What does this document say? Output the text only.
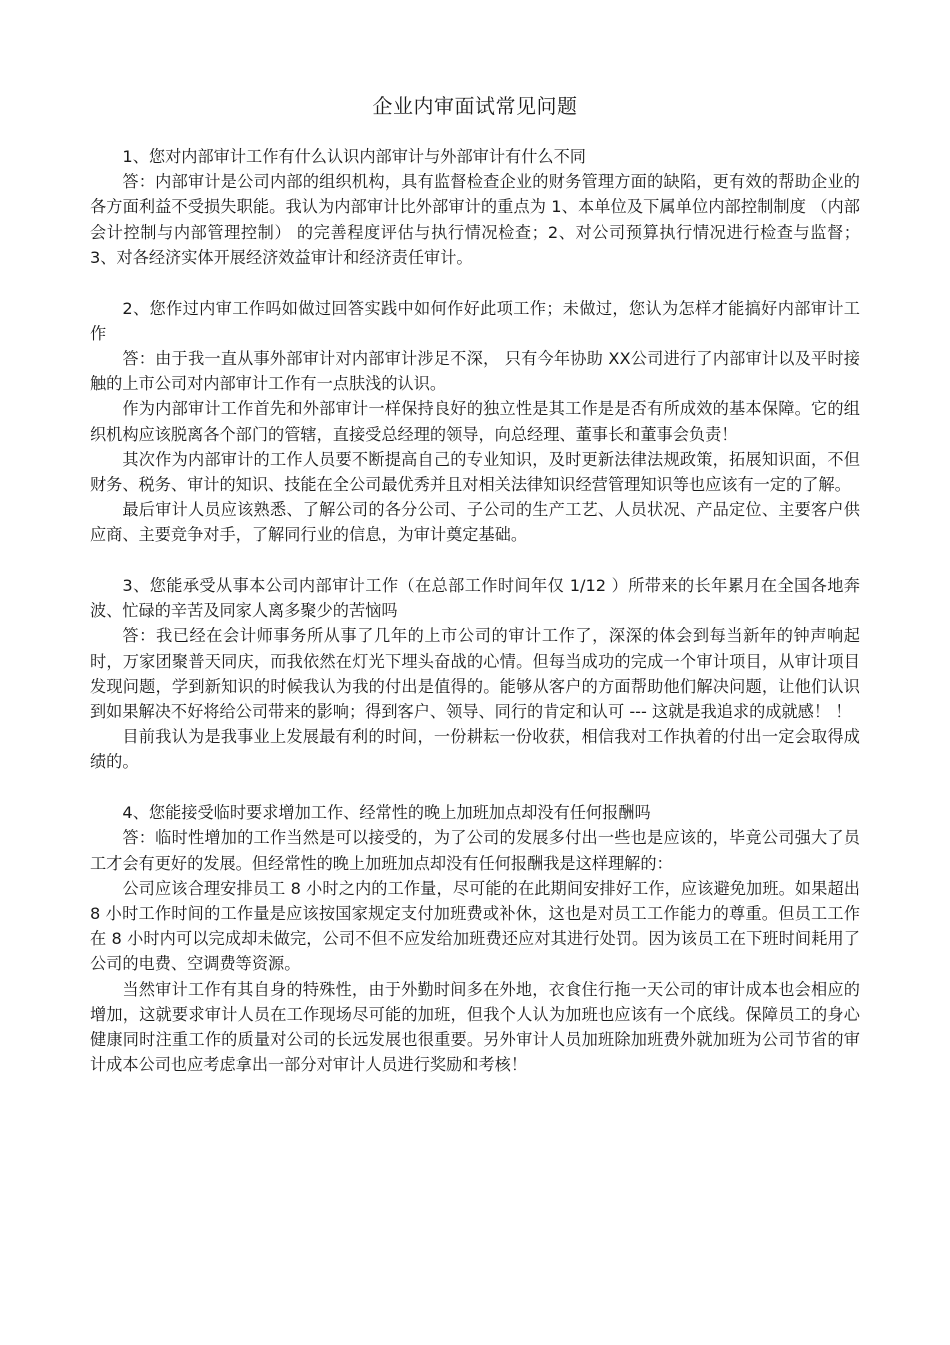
企业内审面试常见问题

1、您对内部审计工作有什么认识内部审计与外部审计有什么不同

答：内部审计是公司内部的组织机构，具有监督检查企业的财务管理方面的缺陷，更有效的帮助企业的各方面利益不受损失职能。我认为内部审计比外部审计的重点为 1、本单位及下属单位内部控制制度 （内部会计控制与内部管理控制） 的完善程度评估与执行情况检查；2、对公司预算执行情况进行检查与监督； 3、对各经济实体开展经济效益审计和经济责任审计。

2、您作过内审工作吗如做过回答实践中如何作好此项工作；未做过，您认为怎样才能搞好内部审计工作

答：由于我一直从事外部审计对内部审计涉足不深， 只有今年协助 XX公司进行了内部审计以及平时接触的上市公司对内部审计工作有一点肤浅的认识。

作为内部审计工作首先和外部审计一样保持良好的独立性是其工作是是否有所成效的基本保障。它的组织机构应该脱离各个部门的管辖，直接受总经理的领导，向总经理、董事长和董事会负责！

其次作为内部审计的工作人员要不断提高自己的专业知识，及时更新法律法规政策，拓展知识面，不但财务、税务、审计的知识、技能在全公司最优秀并且对相关法律知识经营管理知识等也应该有一定的了解。

最后审计人员应该熟悉、了解公司的各分公司、子公司的生产工艺、人员状况、产品定位、主要客户供应商、主要竞争对手，了解同行业的信息，为审计奠定基础。

3、您能承受从事本公司内部审计工作（在总部工作时间年仅 1/12 ）所带来的长年累月在全国各地奔波、忙碌的辛苦及同家人离多聚少的苦恼吗

答：我已经在会计师事务所从事了几年的上市公司的审计工作了，深深的体会到每当新年的钟声响起时，万家团聚普天同庆，而我依然在灯光下埋头奋战的心情。但每当成功的完成一个审计项目，从审计项目发现问题，学到新知识的时候我认为我的付出是值得的。能够从客户的方面帮助他们解决问题，让他们认识到如果解决不好将给公司带来的影响；得到客户、领导、同行的肯定和认可 --- 这就是我追求的成就感！ ！

目前我认为是我事业上发展最有利的时间，一份耕耘一份收获，相信我对工作执着的付出一定会取得成绩的。

4、您能接受临时要求增加工作、经常性的晚上加班加点却没有任何报酬吗

答：临时性增加的工作当然是可以接受的，为了公司的发展多付出一些也是应该的，毕竟公司强大了员工才会有更好的发展。但经常性的晚上加班加点却没有任何报酬我是这样理解的：

公司应该合理安排员工 8 小时之内的工作量，尽可能的在此期间安排好工作，应该避免加班。如果超出 8 小时工作时间的工作量是应该按国家规定支付加班费或补休，这也是对员工工作能力的尊重。但员工工作在 8 小时内可以完成却未做完，公司不但不应发给加班费还应对其进行处罚。因为该员工在下班时间耗用了公司的电费、空调费等资源。

当然审计工作有其自身的特殊性，由于外勤时间多在外地，衣食住行拖一天公司的审计成本也会相应的增加，这就要求审计人员在工作现场尽可能的加班，但我个人认为加班也应该有一个底线。保障员工的身心健康同时注重工作的质量对公司的长远发展也很重要。另外审计人员加班除加班费外就加班为公司节省的审计成本公司也应考虑拿出一部分对审计人员进行奖励和考核！
